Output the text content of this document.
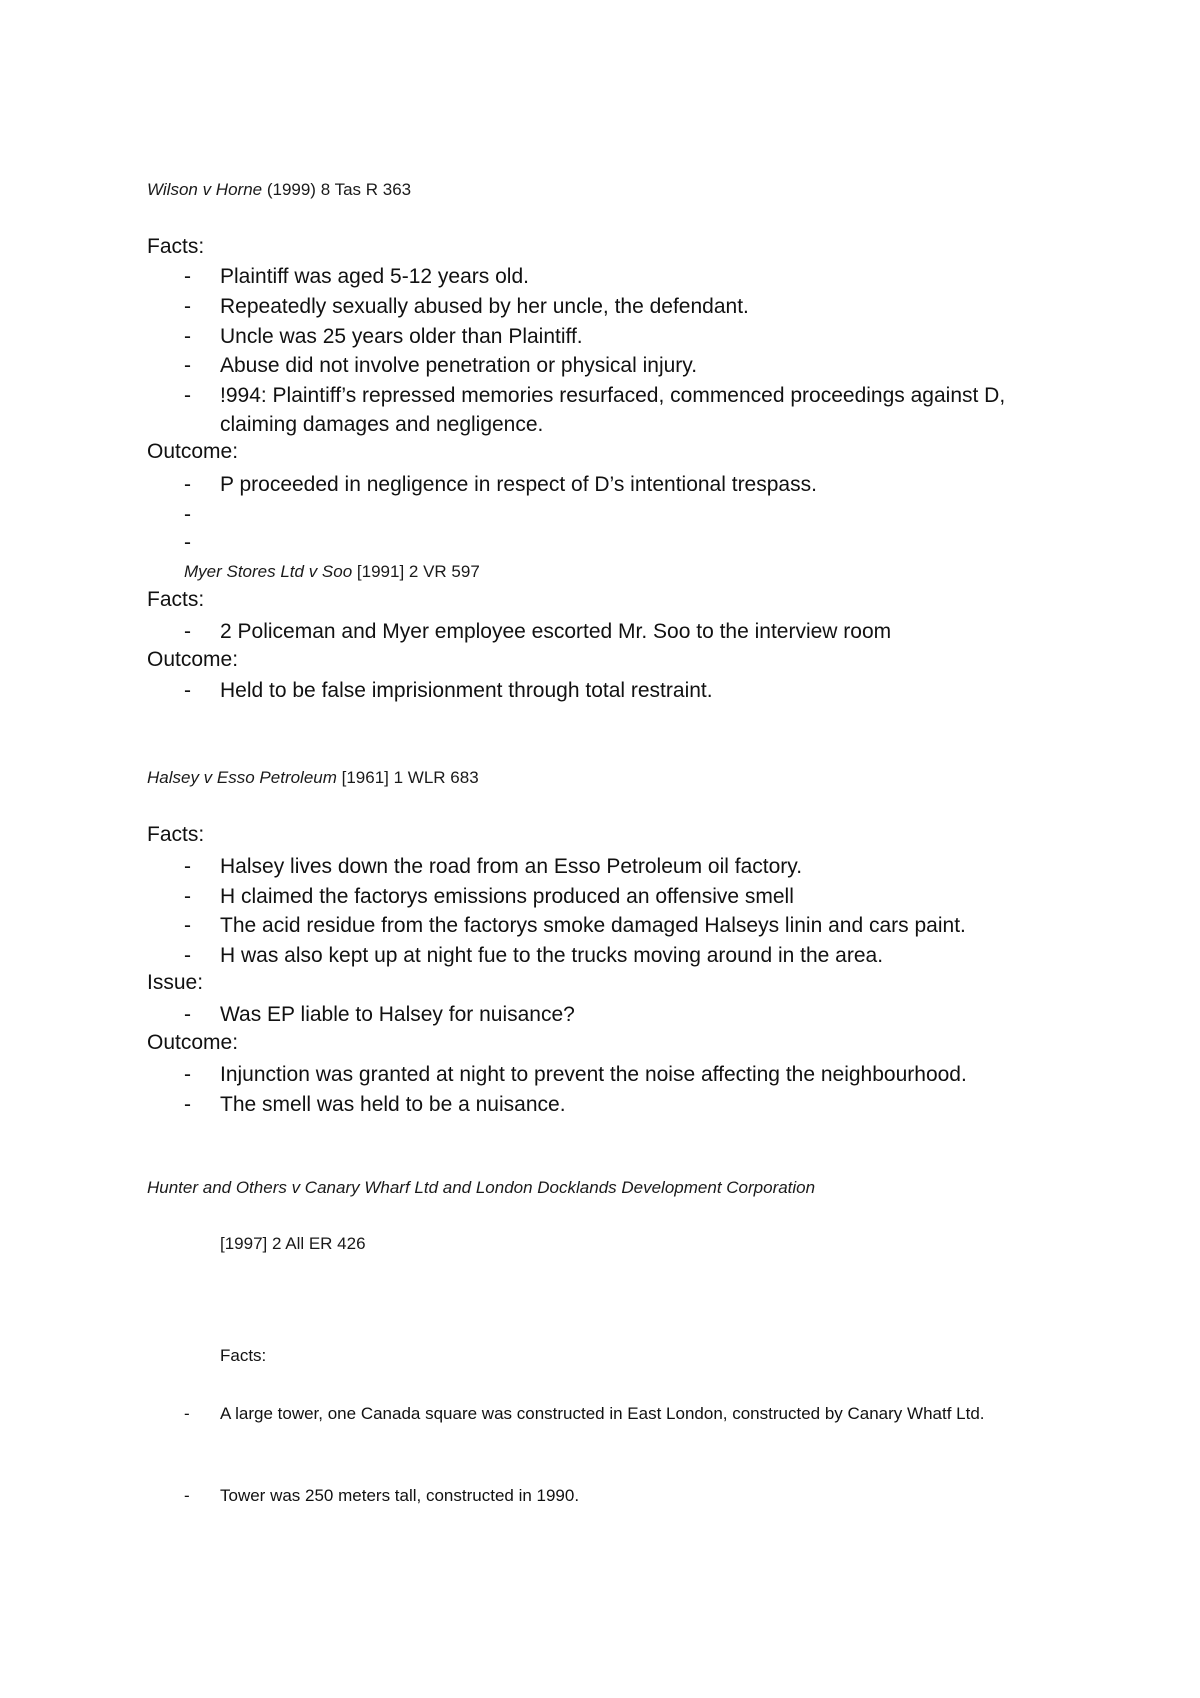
Wilson v Horne (1999) 8 Tas R 363
Facts:
- Plaintiff was aged 5-12 years old.
- Repeatedly sexually abused by her uncle, the defendant.
- Uncle was 25 years older than Plaintiff.
- Abuse did not involve penetration or physical injury.
- !994: Plaintiff’s repressed memories resurfaced, commenced proceedings against D, claiming damages and negligence.
Outcome:
- P proceeded in negligence in respect of D’s intentional trespass.
-
-
Myer Stores Ltd v Soo [1991] 2 VR 597
Facts:
- 2 Policeman and Myer employee escorted Mr. Soo to the interview room
Outcome:
- Held to be false imprisionment through total restraint.
Halsey v Esso Petroleum [1961] 1 WLR 683
Facts:
- Halsey lives down the road from an Esso Petroleum oil factory.
- H claimed the factorys emissions produced an offensive smell
- The acid residue from the factorys smoke damaged Halseys linin and cars paint.
- H was also kept up at night fue to the trucks moving around in the area.
Issue:
- Was EP liable to Halsey for nuisance?
Outcome:
- Injunction was granted at night to prevent the noise affecting the neighbourhood.
- The smell was held to be a nuisance.
Hunter and Others v Canary Wharf Ltd and London Docklands Development Corporation
[1997] 2 All ER 426
Facts:
- A large tower, one Canada square was constructed in East London, constructed by Canary Whatf Ltd.
- Tower was 250 meters tall, constructed in 1990.
